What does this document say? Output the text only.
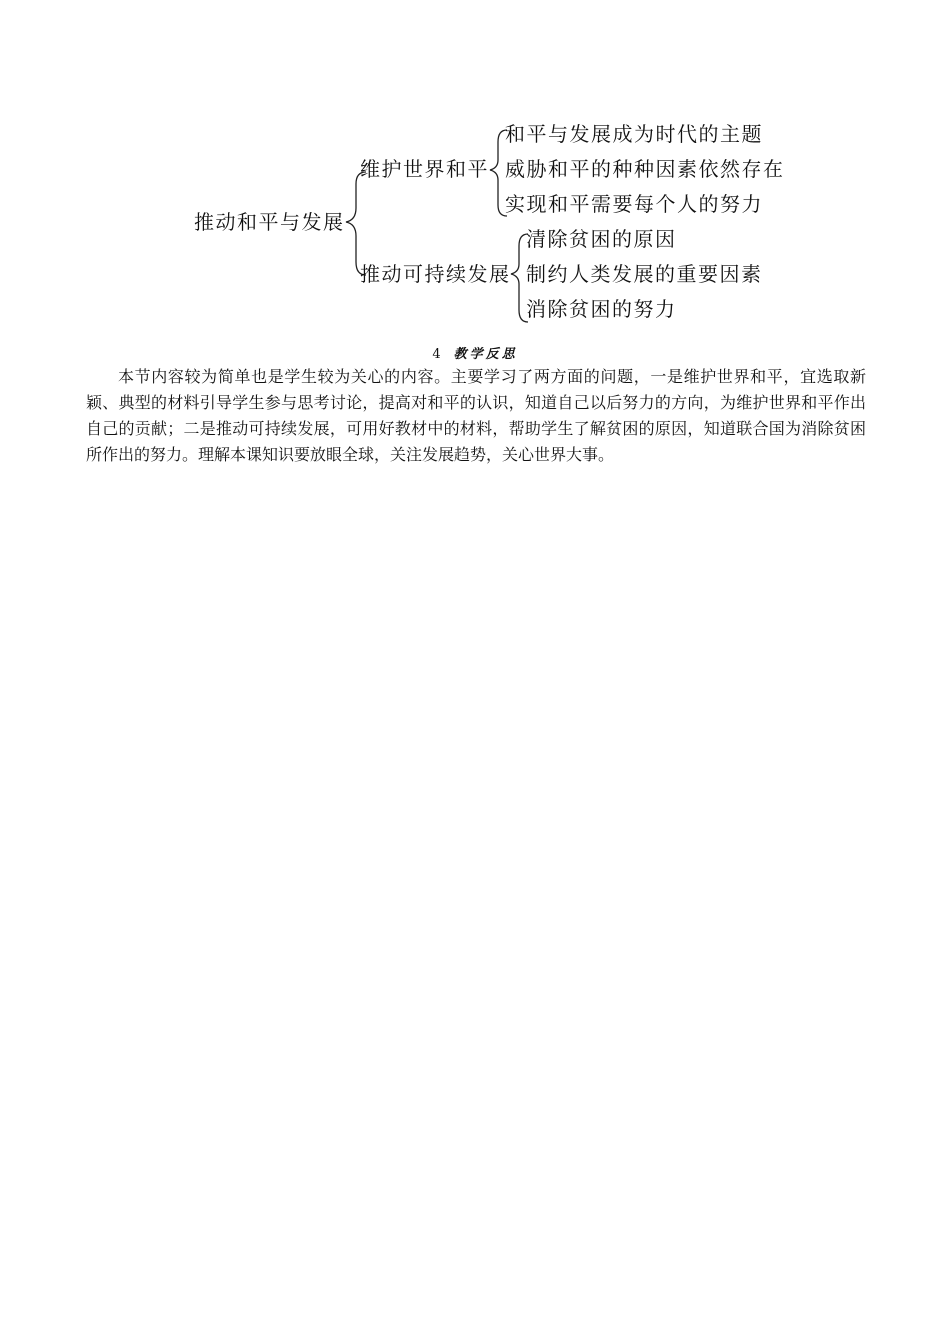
推动和平与发展
维护世界和平
和平与发展成为时代的主题
威胁和平的种种因素依然存在
实现和平需要每个人的努力
推动可持续发展
清除贫困的原因
制约人类发展的重要因素
消除贫困的努力
4 教学反思

本节内容较为简单也是学生较为关心的内容。主要学习了两方面的问题，一是维护世界和平，宜选取新颖、典型的材料引导学生参与思考讨论，提高对和平的认识，知道自己以后努力的方向，为维护世界和平作出自己的贡献；二是推动可持续发展，可用好教材中的材料，帮助学生了解贫困的原因，知道联合国为消除贫困所作出的努力。理解本课知识要放眼全球，关注发展趋势，关心世界大事。
